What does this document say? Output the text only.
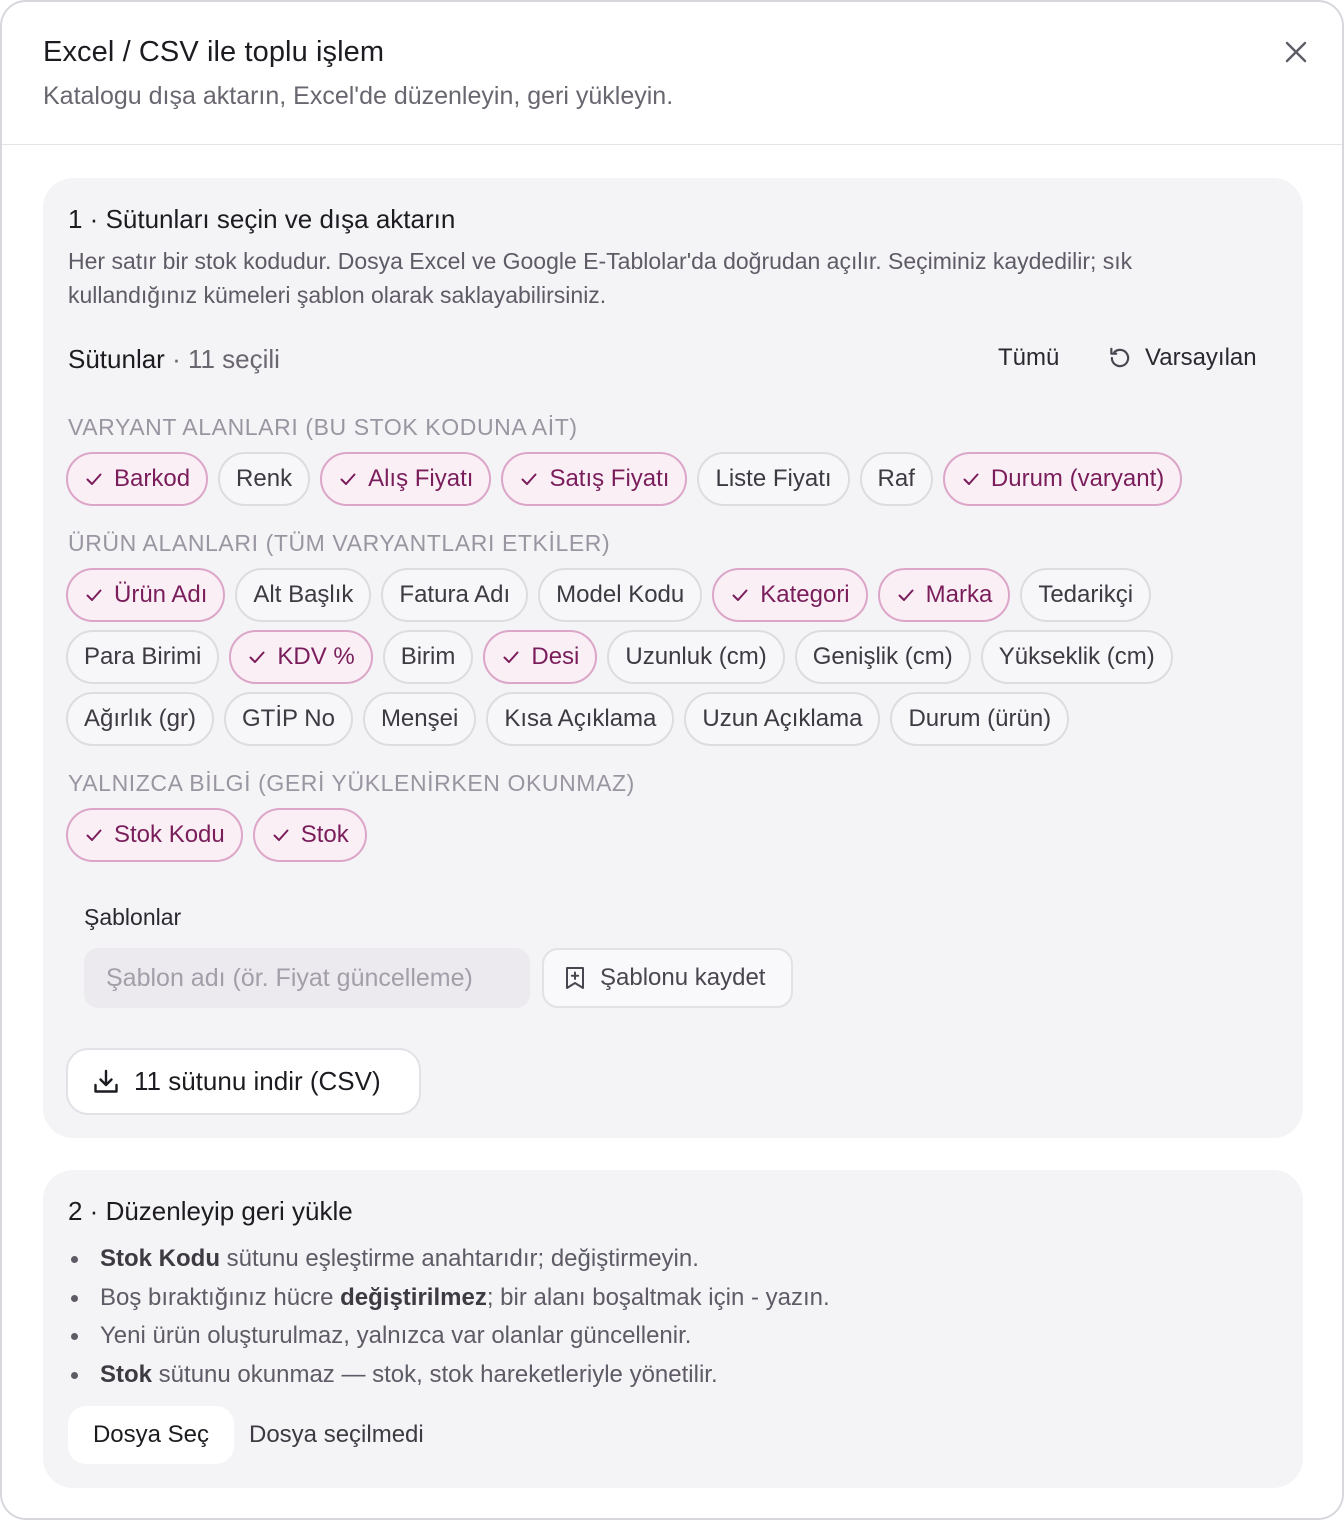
Excel / CSV ile toplu işlem
Katalogu dışa aktarın, Excel'de düzenleyin, geri yükleyin.
1 · Sütunları seçin ve dışa aktarın
Her satır bir stok kodudur. Dosya Excel ve Google E-Tablolar'da doğrudan açılır. Seçiminiz kaydedilir; sık kullandığınız kümeleri şablon olarak saklayabilirsiniz.
Sütunlar · 11 seçili	Tümü	Varsayılan
VARYANT ALANLARI (BU STOK KODUNA AİT)
Barkod Renk	Alış Fiyatı	Satış Fiyatı Liste Fiyatı Raf	Durum (varyant)
ÜRÜN ALANLARI (TÜM VARYANTLARI ETKİLER)
Ürün Adı Alt Başlık Fatura Adı Model Kodu	Kategori	Marka Tedarikçi
Para Birimi	KDV % Birim	Desi Uzunluk (cm) Genişlik (cm) Yükseklik (cm)
Ağırlık (gr) GTİP No Menşei Kısa Açıklama Uzun Açıklama Durum (ürün)
YALNIZCA BİLGİ (GERİ YÜKLENİRKEN OKUNMAZ)
Stok Kodu	Stok
Şablonlar
Şablon adı (ör. Fiyat güncelleme)
Şablonu kaydet
11 sütunu indir (CSV)
2 · Düzenleyip geri yükle
Stok Kodu sütunu eşleştirme anahtarıdır; değiştirmeyin.
Boş bıraktığınız hücre değiştirilmez; bir alanı boşaltmak için - yazın.
Yeni ürün oluşturulmaz, yalnızca var olanlar güncellenir.
Stok sütunu okunmaz — stok, stok hareketleriyle yönetilir.
Dosya Seç	Dosya seçilmedi
